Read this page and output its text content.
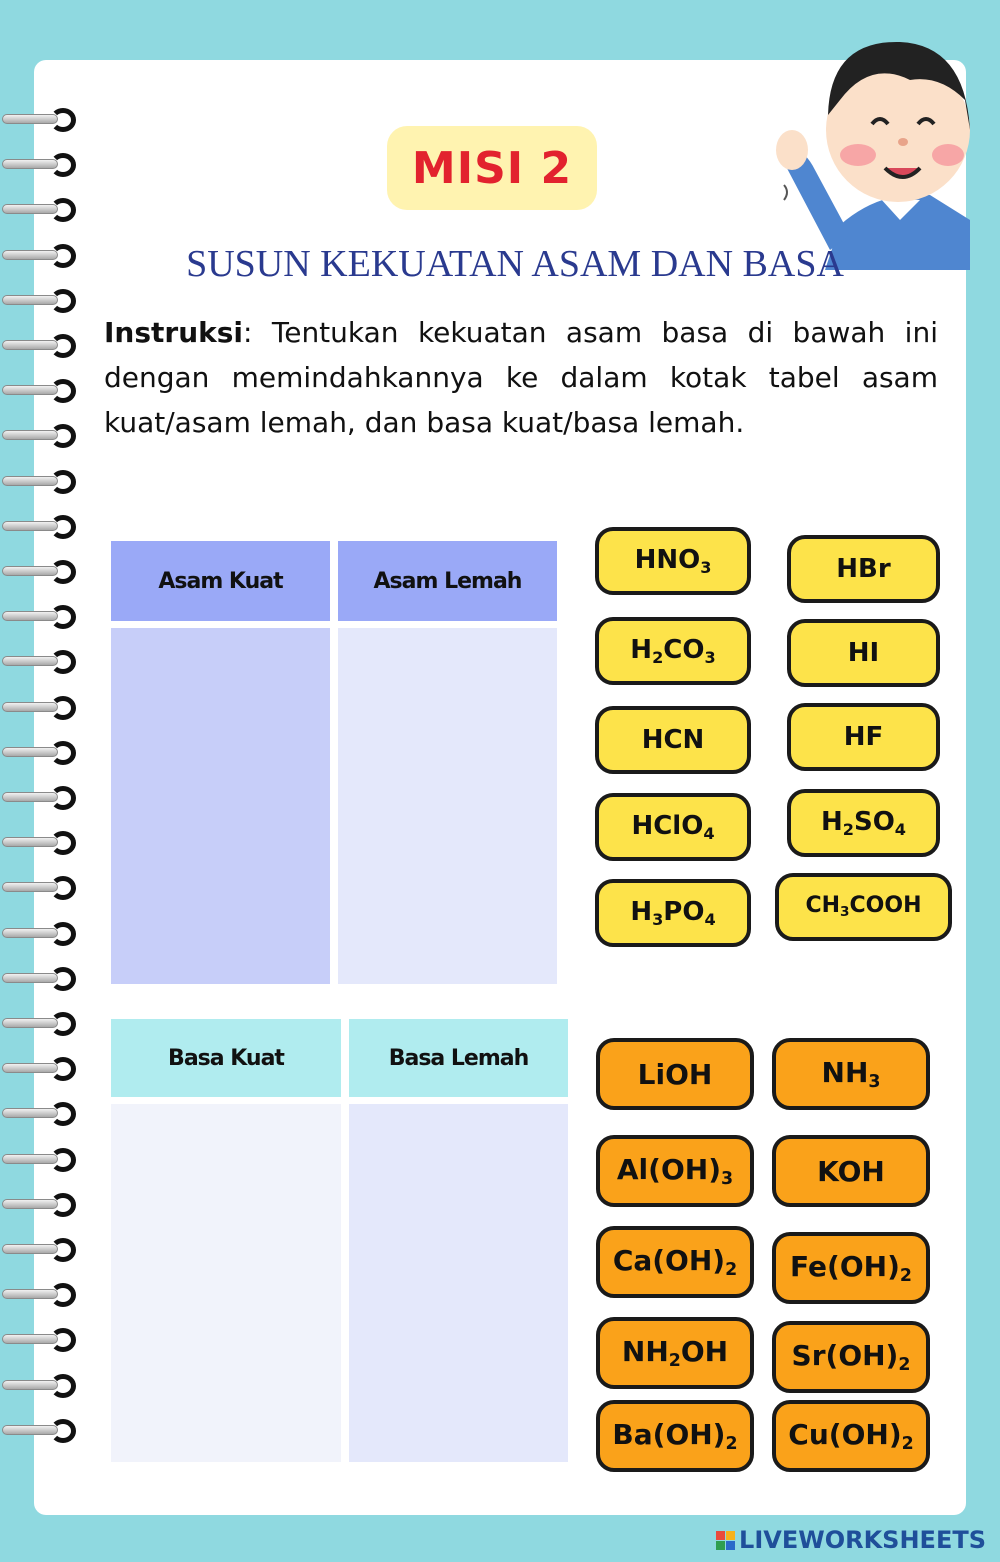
MISI 2
SUSUN KEKUATAN ASAM DAN BASA
Instruksi: Tentukan kekuatan asam basa di bawah ini dengan memindahkannya ke dalam kotak tabel asam kuat/asam lemah, dan basa kuat/basa lemah.
Asam Kuat	Asam Lemah
Basa Kuat	Basa Lemah
$HNO_3$	HBr
$H_2CO_3$	HI
HCN	HF
HClO$_4$	$H_2SO_4$
$H_3PO_4$
$CH_3COOH$
LiOH	$NH_3$
$Al(OH)_3$	KOH
$Ca(OH)_2$ $Fe(OH)_2$
$NH_2OH$ $Sr(OH)_2$
$Ba(OH)_2$ $Cu(OH)_2$
LIVEWORKSHEETS
